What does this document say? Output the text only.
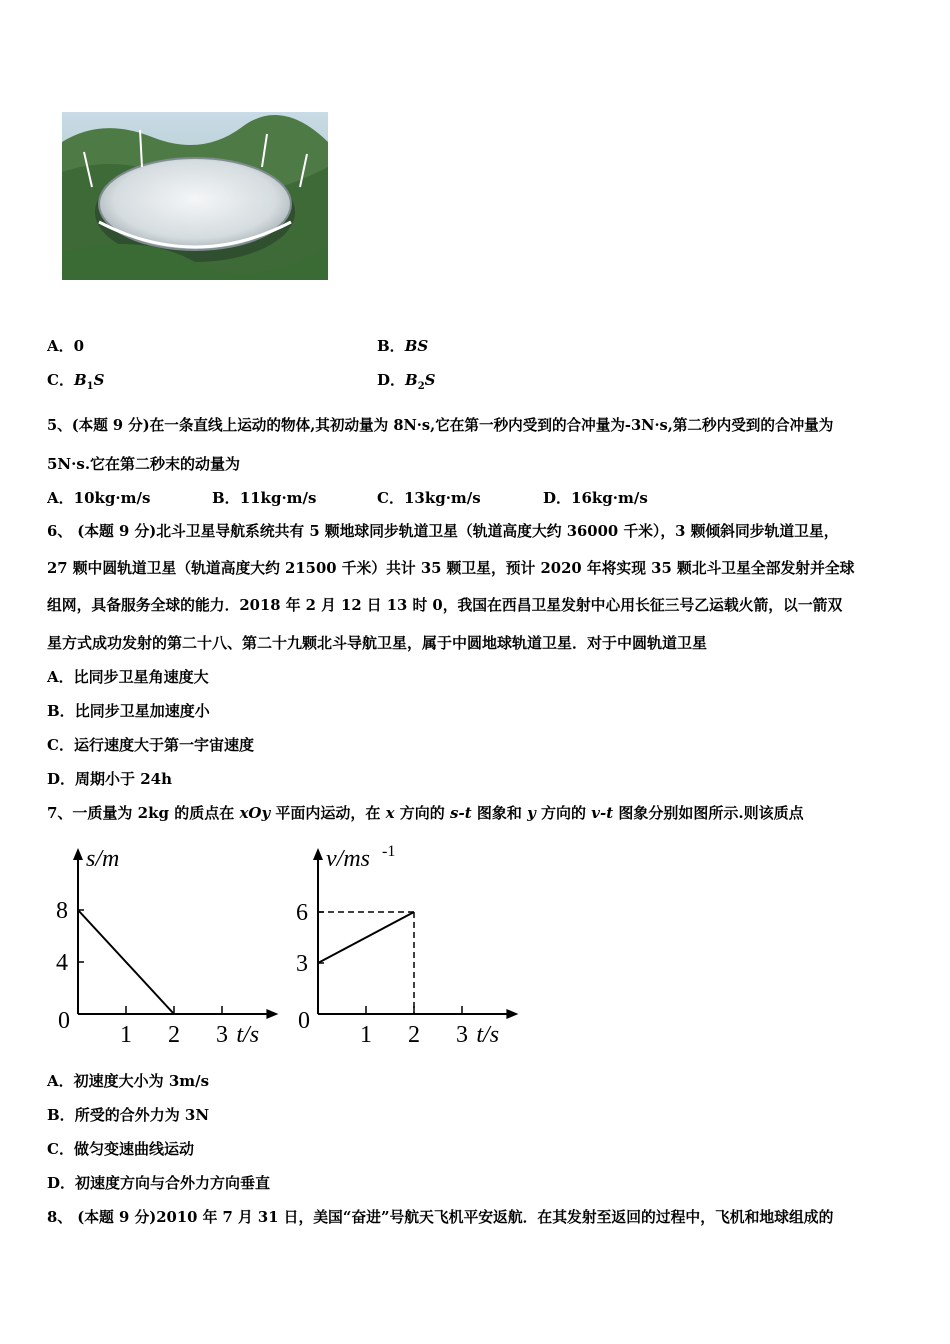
A．0	B．BS
C．$B_1S$	D．$B_2S$
5、(本题 9 分)在一条直线上运动的物体,其初动量为 8N·s,它在第一秒内受到的合冲量为-3N·s,第二秒内受到的合冲量为
5N·s.它在第二秒末的动量为
A．10kg·m/s	B．11kg·m/s	C．13kg·m/s	D．16kg·m/s
6、 (本题 9 分)北斗卫星导航系统共有 5 颗地球同步轨道卫星（轨道高度大约 36000 千米），3 颗倾斜同步轨道卫星，
27 颗中圆轨道卫星（轨道高度大约 21500 千米）共计 35 颗卫星，预计 2020 年将实现 35 颗北斗卫星全部发射并全球
组网，具备服务全球的能力．2018 年 2 月 12 日 13 时 0，我国在西昌卫星发射中心用长征三号乙运载火箭，以一箭双
星方式成功发射的第二十八、第二十九颗北斗导航卫星，属于中圆地球轨道卫星．对于中圆轨道卫星
A．比同步卫星角速度大
B．比同步卫星加速度小
C．运行速度大于第一宇宙速度
D．周期小于 24h
7、一质量为 2kg 的质点在 xOy 平面内运动，在 x 方向的 s-t 图象和 y 方向的 v-t 图象分别如图所示.则该质点
s/m
t/s
0
1 2 3
4
8
v/ms -1
t/s
0
1 2 3
3
6
A．初速度大小为 3m/s
B．所受的合外力为 3N
C．做匀变速曲线运动
D．初速度方向与合外力方向垂直
8、 (本题 9 分)2010 年 7 月 31 日，美国“奋进”号航天飞机平安返航．在其发射至返回的过程中，飞机和地球组成的
